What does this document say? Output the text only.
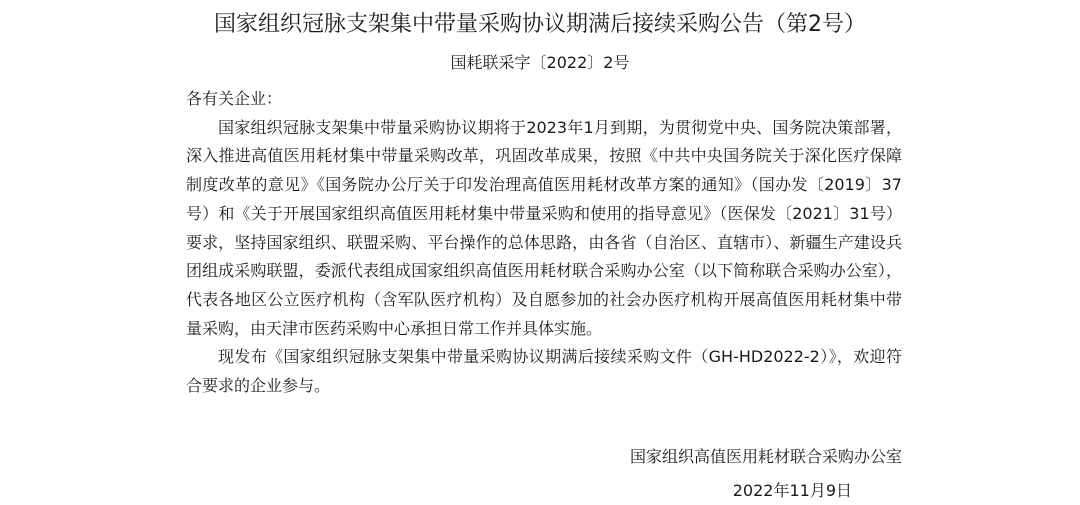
国家组织冠脉支架集中带量采购协议期满后接续采购公告（第2号）
国耗联采字〔2022〕2号

各有关企业：

国家组织冠脉支架集中带量采购协议期将于2023年1月到期，为贯彻党中央、国务院决策部署，深入推进高值医用耗材集中带量采购改革，巩固改革成果，按照《中共中央国务院关于深化医疗保障制度改革的意见》《国务院办公厅关于印发治理高值医用耗材改革方案的通知》（国办发〔2019〕37号）和《关于开展国家组织高值医用耗材集中带量采购和使用的指导意见》（医保发〔2021〕31号）要求，坚持国家组织、联盟采购、平台操作的总体思路，由各省（自治区、直辖市）、新疆生产建设兵团组成采购联盟，委派代表组成国家组织高值医用耗材联合采购办公室（以下简称联合采购办公室），代表各地区公立医疗机构（含军队医疗机构）及自愿参加的社会办医疗机构开展高值医用耗材集中带量采购，由天津市医药采购中心承担日常工作并具体实施。

现发布《国家组织冠脉支架集中带量采购协议期满后接续采购文件（GH-HD2022-2）》，欢迎符合要求的企业参与。

国家组织高值医用耗材联合采购办公室
2022年11月9日
